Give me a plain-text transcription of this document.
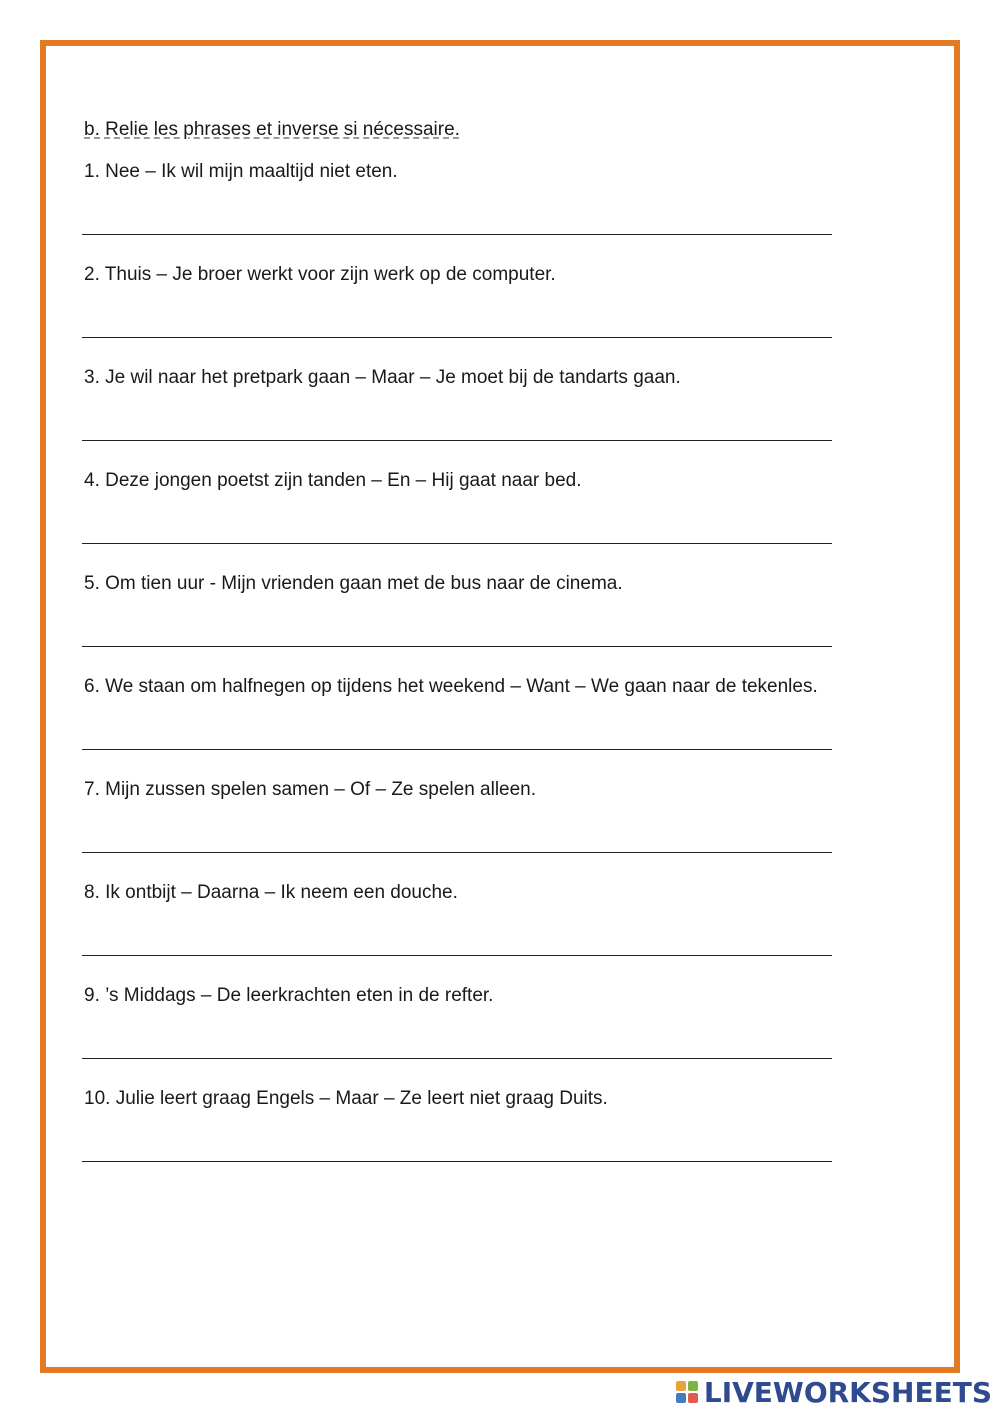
b. Relie les phrases et inverse si nécessaire.
1. Nee – Ik wil mijn maaltijd niet eten.
2. Thuis – Je broer werkt voor zijn werk op de computer.
3. Je wil naar het pretpark gaan – Maar – Je moet bij de tandarts gaan.
4. Deze jongen poetst zijn tanden – En – Hij gaat naar bed.
5. Om tien uur - Mijn vrienden gaan met de bus naar de cinema.
6. We staan om halfnegen op tijdens het weekend – Want – We gaan naar de tekenles.
7. Mijn zussen spelen samen – Of – Ze spelen alleen.
8. Ik ontbijt – Daarna – Ik neem een douche.
9. ’s Middags – De leerkrachten eten in de refter.
10. Julie leert graag Engels – Maar – Ze leert niet graag Duits.
LIVEWORKSHEETS
